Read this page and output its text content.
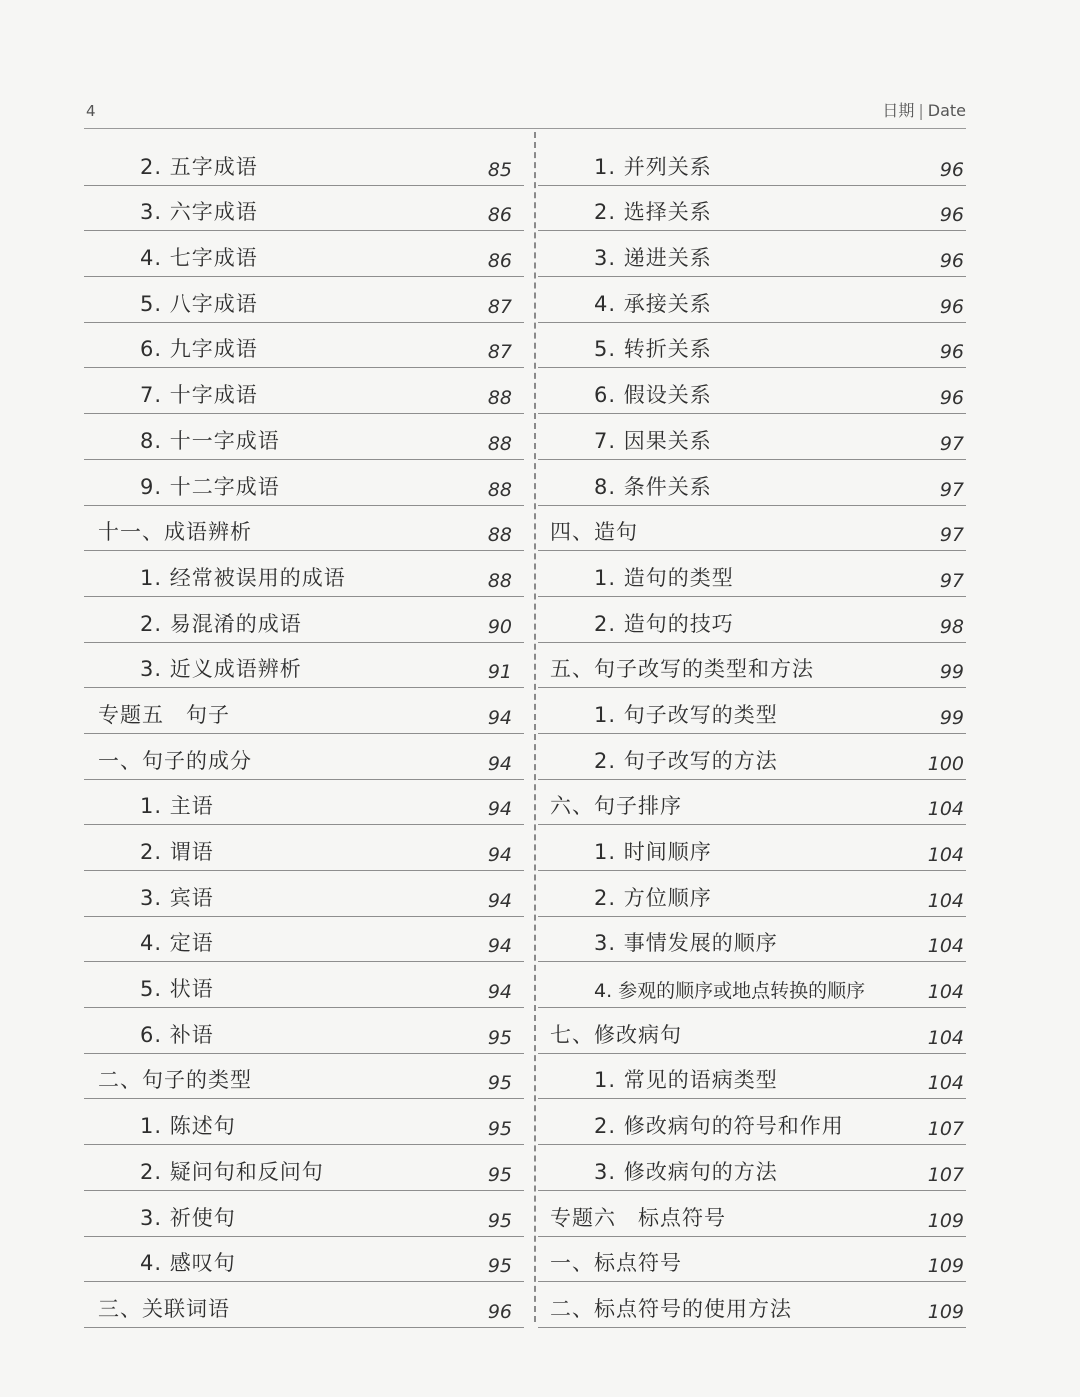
4	日期 | Date
2. 五字成语	85
3. 六字成语	86
4. 七字成语	86
5. 八字成语	87
6. 九字成语	87
7. 十字成语	88
8. 十一字成语	88
9. 十二字成语	88
十一、成语辨析	88
1. 经常被误用的成语	88
2. 易混淆的成语	90
3. 近义成语辨析	91
专题五　句子	94
一、句子的成分	94
1. 主语	94
2. 谓语	94
3. 宾语	94
4. 定语	94
5. 状语	94
6. 补语	95
二、句子的类型	95
1. 陈述句	95
2. 疑问句和反问句	95
3. 祈使句	95
4. 感叹句	95
三、关联词语	96
1. 并列关系	96
2. 选择关系	96
3. 递进关系	96
4. 承接关系	96
5. 转折关系	96
6. 假设关系	96
7. 因果关系	97
8. 条件关系	97
四、造句	97
1. 造句的类型	97
2. 造句的技巧	98
五、句子改写的类型和方法	99
1. 句子改写的类型	99
2. 句子改写的方法	100
六、句子排序	104
1. 时间顺序	104
2. 方位顺序	104
3. 事情发展的顺序	104
4. 参观的顺序或地点转换的顺序	104
七、修改病句	104
1. 常见的语病类型	104
2. 修改病句的符号和作用	107
3. 修改病句的方法	107
专题六　标点符号	109
一、标点符号	109
二、标点符号的使用方法	109
